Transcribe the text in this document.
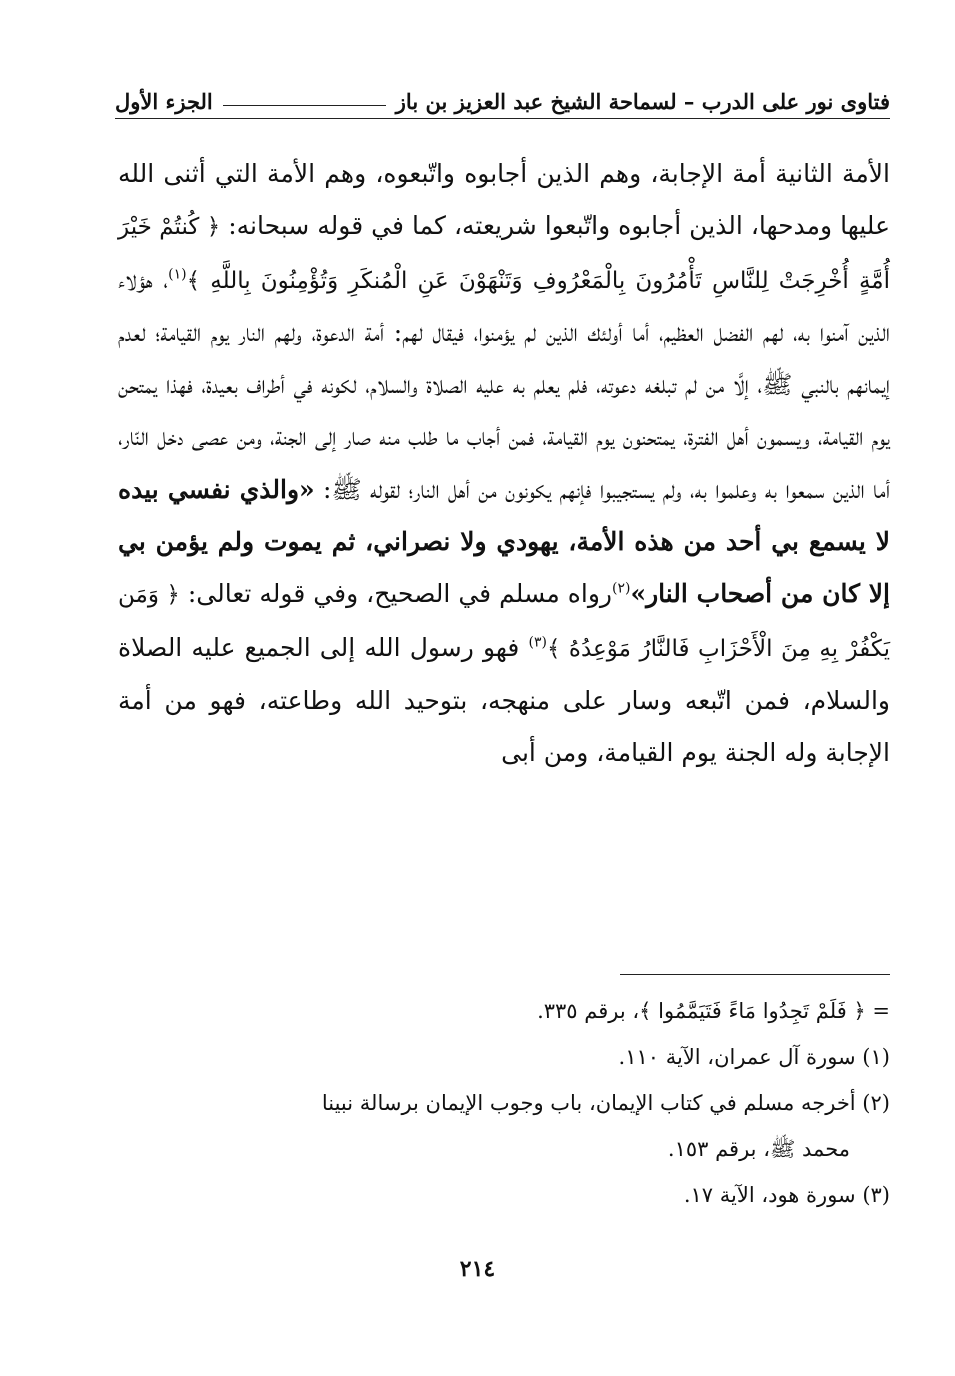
فتاوى نور على الدرب – لسماحة الشيخ عبد العزيز بن باز
الجزء الأول

الأمة الثانية أمة الإجابة، وهم الذين أجابوه واتّبعوه، وهم الأمة التي أثنى الله عليها ومدحها، الذين أجابوه واتّبعوا شريعته، كما في قوله سبحانه: ﴿ كُنتُمْ خَيْرَ أُمَّةٍ أُخْرِجَتْ لِلنَّاسِ تَأْمُرُونَ بِالْمَعْرُوفِ وَتَنْهَوْنَ عَنِ الْمُنكَرِ وَتُؤْمِنُونَ بِاللَّهِ ﴾$^{(١)}$، هؤلاء الذين آمنوا به، لهم الفضل العظيم، أما أولئك الذين لم يؤمنوا، فيقال لهم: أمة الدعوة، ولهم النار يوم القيامة؛ لعدم إيمانهم بالنبي ﷺ، إلَّا من لم تبلغه دعوته، فلم يعلم به عليه الصلاة والسلام، لكونه في أطراف بعيدة، فهذا يمتحن يوم القيامة، ويسمون أهل الفترة، يمتحنون يوم القيامة، فمن أجاب ما طلب منه صار إلى الجنة، ومن عصى دخل النّار، أما الذين سمعوا به وعلموا به، ولم يستجيبوا فإنهم يكونون من أهل النار؛ لقوله ﷺ: «والذي نفسي بيده لا يسمع بي أحد من هذه الأمة، يهودي ولا نصراني، ثم يموت ولم يؤمن بي إلا كان من أصحاب النار»$^{(٢)}$رواه مسلم في الصحيح، وفي قوله تعالى: ﴿ وَمَن يَكْفُرْ بِهِ مِنَ الْأَحْزَابِ فَالنَّارُ مَوْعِدُهُ ﴾$^{(٣)}$ فهو رسول الله إلى الجميع عليه الصلاة والسلام، فمن اتّبعه وسار على منهجه، بتوحيد الله وطاعته، فهو من أمة الإجابة وله الجنة يوم القيامة، ومن أبى

= ﴿ فَلَمْ تَجِدُوا مَاءً فَتَيَمَّمُوا ﴾، برقم ٣٣٥.

(١) سورة آل عمران، الآية ١١٠.

(٢) أخرجه مسلم في كتاب الإيمان، باب وجوب الإيمان برسالة نبينا

محمد ﷺ، برقم ١٥٣.

(٣) سورة هود، الآية ١٧.

٢١٤
